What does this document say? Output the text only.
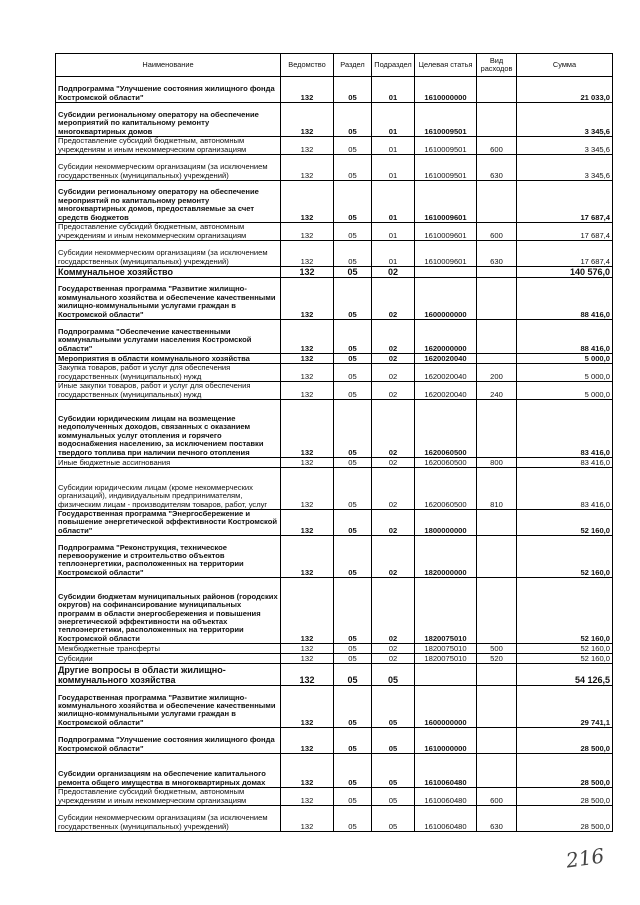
Наименование	Ведомство	Раздел	Подраздел	Целевая статья	Вид расходов	Сумма
Подпрограмма "Улучшение состояния жилищного фонда Костромской области"	132	05	01	1610000000		21 033,0
Субсидии региональному оператору на обеспечение мероприятий по капитальному ремонту многоквартирных домов	132	05	01	1610009501		3 345,6
Предоставление субсидий бюджетным, автономным учреждениям и иным некоммерческим организациям	132	05	01	1610009501	600	3 345,6
Субсидии некоммерческим организациям (за исключением государственных (муниципальных) учреждений)	132	05	01	1610009501	630	3 345,6
Субсидии региональному оператору на обеспечение мероприятий по капитальному ремонту многоквартирных домов, предоставляемые за счет средств бюджетов	132	05	01	1610009601		17 687,4
Предоставление субсидий бюджетным, автономным учреждениям и иным некоммерческим организациям	132	05	01	1610009601	600	17 687,4
Субсидии некоммерческим организациям (за исключением государственных (муниципальных) учреждений)	132	05	01	1610009601	630	17 687,4
Коммунальное хозяйство	132	05	02			140 576,0
Государственная программа "Развитие жилищно-коммунального хозяйства и обеспечение качественными жилищно-коммунальными услугами граждан в Костромской области"	132	05	02	1600000000		88 416,0
Подпрограмма "Обеспечение качественными коммунальными услугами населения Костромской области"	132	05	02	1620000000		88 416,0
Мероприятия в области коммунального хозяйства	132	05	02	1620020040		5 000,0
Закупка товаров, работ и услуг для обеспечения государственных (муниципальных) нужд	132	05	02	1620020040	200	5 000,0
Иные закупки товаров, работ и услуг для обеспечения государственных (муниципальных) нужд	132	05	02	1620020040	240	5 000,0
Субсидии юридическим лицам на возмещение недополученных доходов, связанных с оказанием коммунальных услуг отопления и горячего водоснабжения населению, за исключением поставки твердого топлива при наличии печного отопления	132	05	02	1620060500		83 416,0
Иные бюджетные ассигнования	132	05	02	1620060500	800	83 416,0
Субсидии юридическим лицам (кроме некоммерческих организаций), индивидуальным предпринимателям, физическим лицам - производителям товаров, работ, услуг	132	05	02	1620060500	810	83 416,0
Государственная программа "Энергосбережение и повышение энергетической эффективности Костромской области"	132	05	02	1800000000		52 160,0
Подпрограмма "Реконструкция, техническое перевооружение и строительство объектов теплоэнергетики, расположенных на территории Костромской области"	132	05	02	1820000000		52 160,0
Субсидии бюджетам муниципальных районов (городских округов) на софинансирование муниципальных программ в области энергосбережения и повышения энергетической эффективности на объектах теплоэнергетики, расположенных на территории Костромской области	132	05	02	1820075010		52 160,0
Межбюджетные трансферты	132	05	02	1820075010	500	52 160,0
Субсидии	132	05	02	1820075010	520	52 160,0
Другие вопросы в области жилищно-коммунального хозяйства	132	05	05			54 126,5
Государственная программа "Развитие жилищно-коммунального хозяйства и обеспечение качественными жилищно-коммунальными услугами граждан в Костромской области"	132	05	05	1600000000		29 741,1
Подпрограмма "Улучшение состояния жилищного фонда Костромской области"	132	05	05	1610000000		28 500,0
Субсидии организациям на обеспечение капитального ремонта общего имущества в многоквартирных домах	132	05	05	1610060480		28 500,0
Предоставление субсидий бюджетным, автономным учреждениям и иным некоммерческим организациям	132	05	05	1610060480	600	28 500,0
Субсидии некоммерческим организациям (за исключением государственных (муниципальных) учреждений)	132	05	05	1610060480	630	28 500,0
216
